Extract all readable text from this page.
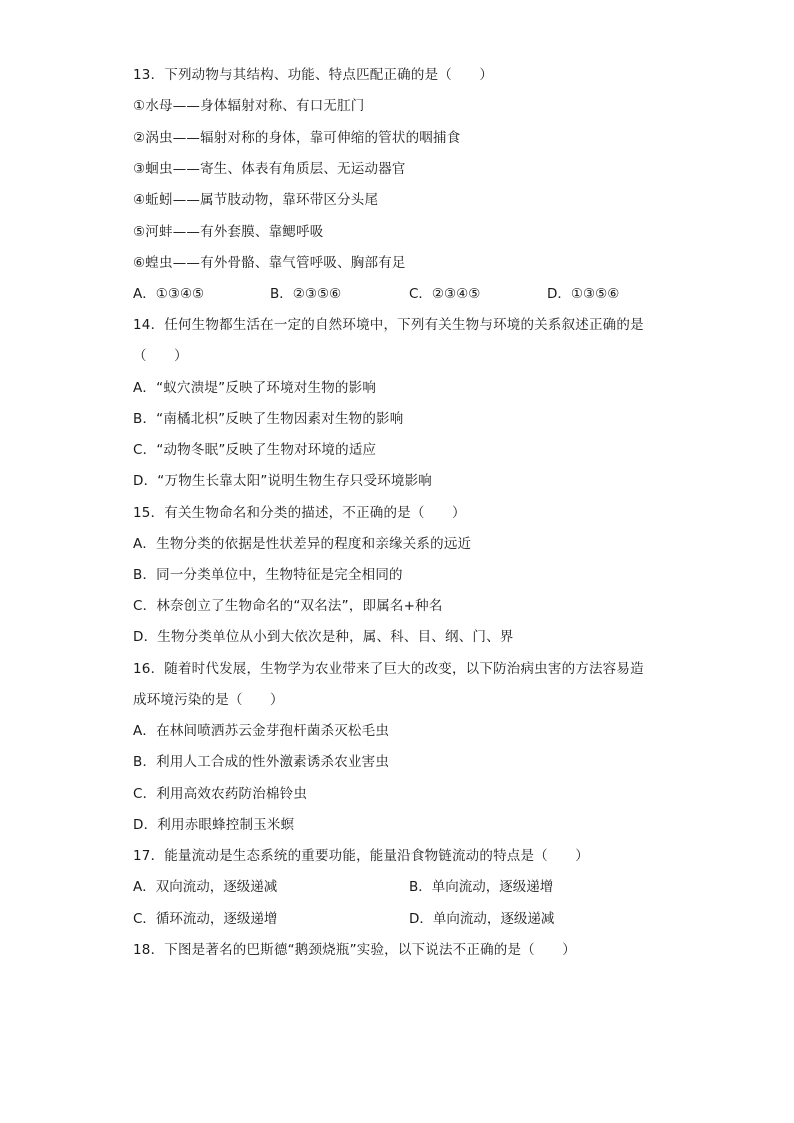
13．下列动物与其结构、功能、特点匹配正确的是（　　）
①水母——身体辐射对称、有口无肛门
②涡虫——辐射对称的身体，靠可伸缩的管状的咽捕食
③蛔虫——寄生、体表有角质层、无运动器官
④蚯蚓——属节肢动物，靠环带区分头尾
⑤河蚌——有外套膜、靠鳃呼吸
⑥蝗虫——有外骨骼、靠气管呼吸、胸部有足
A．①③④⑤	B．②③⑤⑥	C．②③④⑤	D．①③⑤⑥
14．任何生物都生活在一定的自然环境中，下列有关生物与环境的关系叙述正确的是
（　　）
A．“蚁穴溃堤”反映了环境对生物的影响
B．“南橘北枳”反映了生物因素对生物的影响
C．“动物冬眠”反映了生物对环境的适应
D．“万物生长靠太阳”说明生物生存只受环境影响
15．有关生物命名和分类的描述，不正确的是（　　）
A．生物分类的依据是性状差异的程度和亲缘关系的远近
B．同一分类单位中，生物特征是完全相同的
C．林奈创立了生物命名的“双名法”，即属名+种名
D．生物分类单位从小到大依次是种，属、科、目、纲、门、界
16．随着时代发展，生物学为农业带来了巨大的改变，以下防治病虫害的方法容易造
成环境污染的是（　　）
A．在林间喷洒苏云金芽孢杆菌杀灭松毛虫
B．利用人工合成的性外激素诱杀农业害虫
C．利用高效农药防治棉铃虫
D．利用赤眼蜂控制玉米螟
17．能量流动是生态系统的重要功能，能量沿食物链流动的特点是（　　）
A．双向流动，逐级递减	B．单向流动，逐级递增
C．循环流动，逐级递增	D．单向流动，逐级递减
18．下图是著名的巴斯德“鹅颈烧瓶”实验，以下说法不正确的是（　　）
